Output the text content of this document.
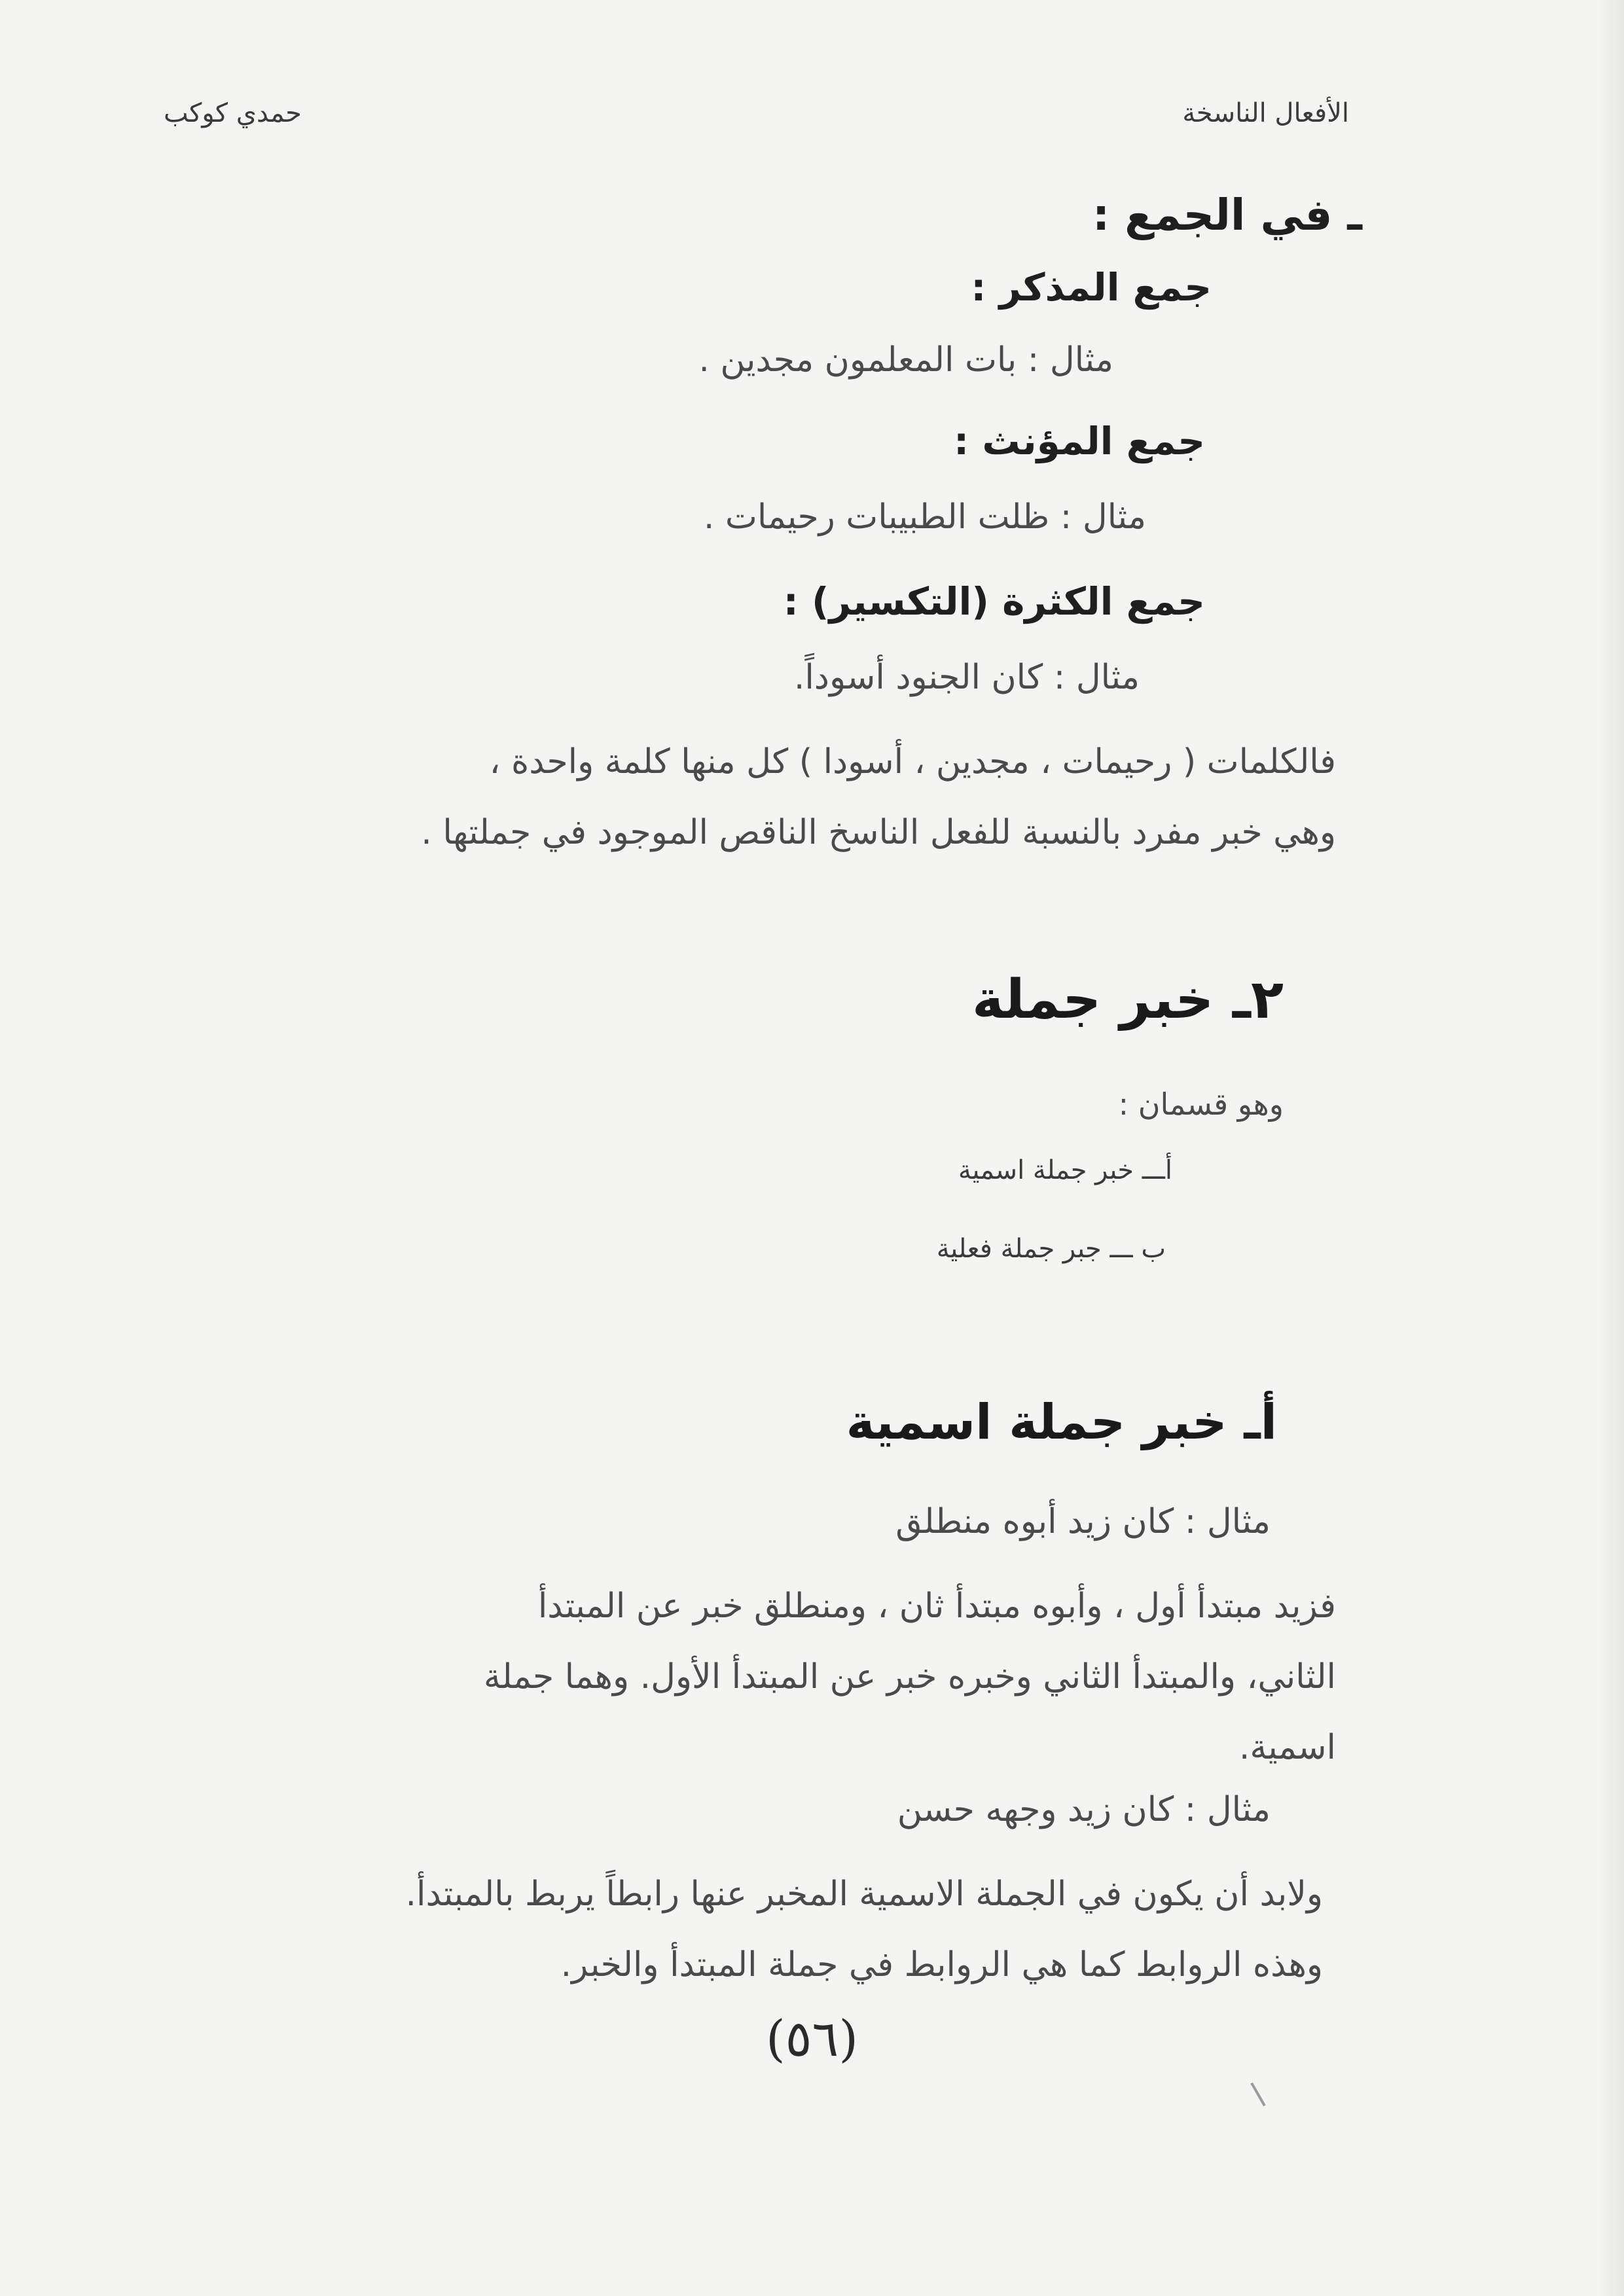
الأفعال الناسخة
حمدي كوكب
ـ في الجمع :
جمع المذكر :
مثال : بات المعلمون مجدين .
جمع المؤنث :
مثال : ظلت الطبيبات رحيمات .
جمع الكثرة (التكسير) :
مثال : كان الجنود أسوداً.
فالكلمات ( رحيمات ، مجدين ، أسودا ) كل منها كلمة واحدة ،
وهي خبر مفرد بالنسبة للفعل الناسخ الناقص الموجود في جملتها .
٢ـ خبر جملة
وهو قسمان :
أـــ خبر جملة اسمية
ب ـــ جبر جملة فعلية
أـ خبر جملة اسمية
مثال : كان زيد أبوه منطلق
فزيد مبتدأ أول ، وأبوه مبتدأ ثان ، ومنطلق خبر عن المبتدأ
الثاني، والمبتدأ الثاني وخبره خبر عن المبتدأ الأول. وهما جملة
اسمية.
مثال : كان زيد وجهه حسن
ولابد أن يكون في الجملة الاسمية المخبر عنها رابطاً يربط بالمبتدأ.
وهذه الروابط كما هي الروابط في جملة المبتدأ والخبر.
(٥٦)
